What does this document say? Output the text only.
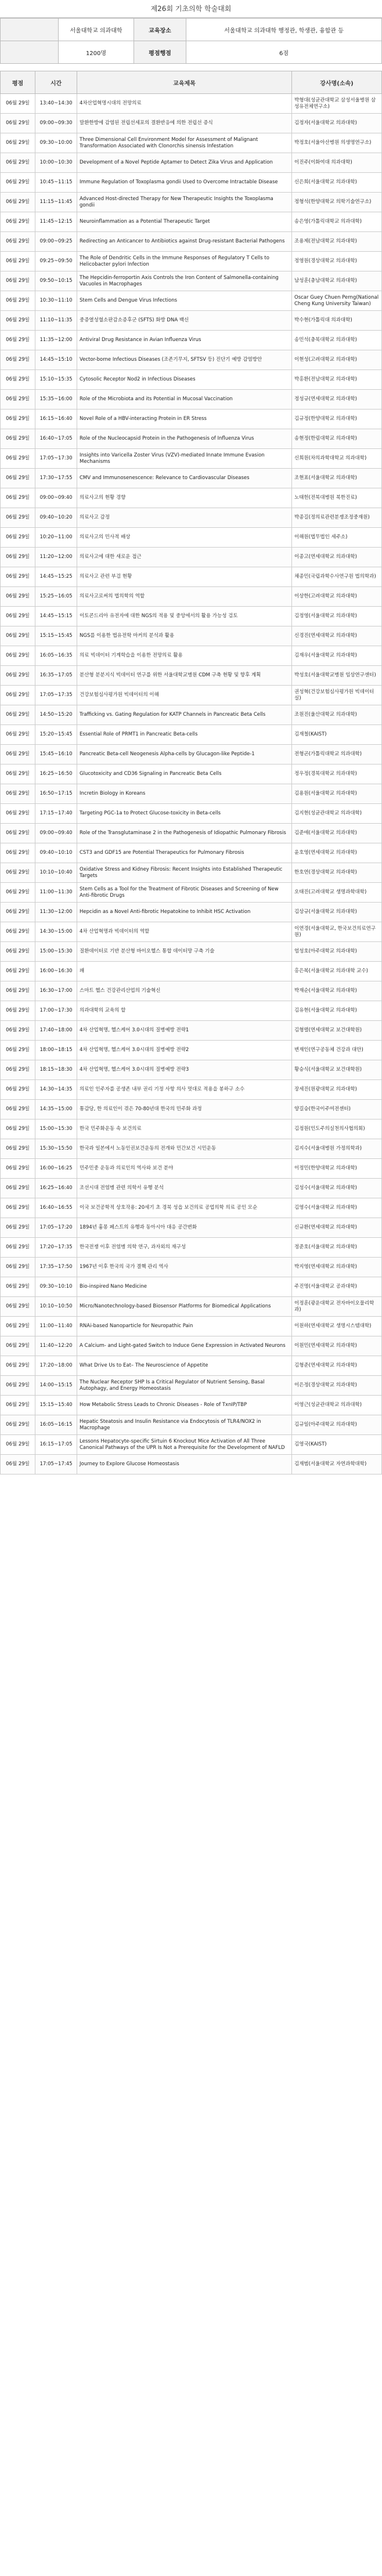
제26회 기초의학 학술대회
	서울대학교 의과대학	교육장소	서울대학교 의과대학 행정관, 학생관, 융합관 등
	1200명	평점행점	6점
평점	시간	교육제목	강사명(소속)
06월 29일	13:40~14:30	4차산업혁명시대의 전망의료	박형대(성균관대학교 삼성서울병원 삼성유전체연구소)
06월 29일	09:00~09:30	말환한방에 감염된 전립선세포의 결환반응에 의한 전립선 증식	김정자(서울대학교 의과대학)
06월 29일	09:30~10:00	Three Dimensional Cell Environment Model for Assessment of Malignant Transformation Associated with Clonorchis sinensis Infestation	박정호(서울아산병원 의생명연구소)
06월 29일	10:00~10:30	Development of a Novel Peptide Aptamer to Detect Zika Virus and Application	이진주(이화여대 의과대학)
06월 29일	10:45~11:15	Immune Regulation of Toxoplasma gondii Used to Overcome Intractable Disease	신은희(서울대학교 의과대학)
06월 29일	11:15~11:45	Advanced Host-directed Therapy for New Therapeutic Insights the Toxoplasma gondii	정형석(한양대학교 의학기술연구소)
06월 29일	11:45~12:15	Neuroinflammation as a Potential Therapeutic Target	송은영(가톨릭대학교 의과대학)
06월 29일	09:00~09:25	Redirecting an Anticancer to Antibiotics against Drug-resistant Bacterial Pathogens	조용제(전남대학교 의과대학)
06월 29일	09:25~09:50	The Role of Dendritic Cells in the Immune Responses of Regulatory T Cells to Helicobacter pylori Infection	정영원(경상대학교 의과대학)
06월 29일	09:50~10:15	The Hepcidin-ferroportin Axis Controls the Iron Content of Salmonella-containing Vacuoles in Macrophages	남성훈(충남대학교 의과대학)
06월 29일	10:30~11:10	Stem Cells and Dengue Virus Infections	Oscar Guey Chuen Perng(National Cheng Kung University Taiwan)
06월 29일	11:10~11:35	중증열성혈소판감소증후군 (SFTS) 화방 DNA 백신	박수현(가톨릭대 의과대학)
06월 29일	11:35~12:00	Antiviral Drug Resistance in Avian Influenza Virus	송민석(충북대학교 의과대학)
06월 29일	14:45~15:10	Vector-borne Infectious Diseases (조존기무지, SFTSV 등) 진단기 예방 감염방안	이현성(고려대학교 의과대학)
06월 29일	15:10~15:35	Cytosolic Receptor Nod2 in Infectious Diseases	박홍환(전남대학교 의과대학)
06월 29일	15:35~16:00	Role of the Microbiota and its Potential in Mucosal Vaccination	정성규(연세대학교 의과대학)
06월 29일	16:15~16:40	Novel Role of a HBV-interacting Protein in ER Stress	김규정(한양대학교 의과대학)
06월 29일	16:40~17:05	Role of the Nucleocapsid Protein in the Pathogenesis of Influenza Virus	송현정(한림대학교 의과대학)
06월 29일	17:05~17:30	Insights into Varicella Zoster Virus (VZV)-mediated Innate Immune Evasion Mechanisms	신희원(차의과학대학교 의과대학)
06월 29일	17:30~17:55	CMV and Immunosenescence: Relevance to Cardiovascular Diseases	조현표(서울대학교 의과대학)
06월 29일	09:00~09:40	의료사고의 현황 경향	노태헌(전북대병원 북한진료)
06월 29일	09:40~10:20	의료사고 감정	박종길(정의료관련분쟁조정중재원)
06월 29일	10:20~11:00	의료사고의 민사적 배상	이해원(법무법인 세주소)
06월 29일	11:20~12:00	의료사고에 대한 새로운 접근	이종고(연세대학교 의과대학)
06월 29일	14:45~15:25	의료사고 관련 부검 현황	채종민(국립과학수사연구원 법의학과)
06월 29일	15:25~16:05	의료사고로써의 법의학의 역할	이상한(고려대학교 의과대학)
06월 29일	14:45~15:15	이토콘드리아 유전자에 대한 NGS의 적용 및 중앙에서의 활용 가능성 검토	김정영(서울대학교 의과대학)
06월 29일	15:15~15:45	NGS를 이용한 법유전학 마커의 분석과 활용	신경진(연세대학교 의과대학)
06월 29일	16:05~16:35	의료 빅데이터 기계학습을 이용한 전망의료 활용	김재우(서울대학교 의과대학)
06월 29일	16:35~17:05	분산형 분분지식 빅데이터 연구를 위한 서울대학교병원 CDM 구축 현황 및 향후 계획	박성호(서울대학교병원 임상연구센터)
06월 29일	17:05~17:35	건강보험심사평가원 빅데이터의 이해	권성혁(건강보험심사평가원 빅데이터실)
06월 29일	14:50~15:20	Trafficking vs. Gating Regulation for KATP Channels in Pancreatic Beta Cells	조원진(울산대학교 의과대학)
06월 29일	15:20~15:45	Essential Role of PRMT1 in Pancreatic Beta-cells	김재철(KAIST)
06월 29일	15:45~16:10	Pancreatic Beta-cell Neogenesis Alpha-cells by Glucagon-like Peptide-1	전형곤(가톨릭대학교 의과대학)
06월 29일	16:25~16:50	Glucotoxicity and CD36 Signaling in Pancreatic Beta Cells	정우정(경북대학교 의과대학)
06월 29일	16:50~17:15	Incretin Biology in Koreans	김용원(서울대학교 의과대학)
06월 29일	17:15~17:40	Targeting PGC-1a to Protect Glucose-toxicity in Beta-cells	김지현(성균관대학교 의과대학)
06월 29일	09:00~09:40	Role of the Transglutaminase 2 in the Pathogenesis of Idiopathic Pulmonary Fibrosis	김준애(서울대학교 의과대학)
06월 29일	09:40~10:10	CST3 and GDF15 are Potential Therapeutics for Pulmonary Fibrosis	윤호영(연세대학교 의과대학)
06월 29일	10:10~10:40	Oxidative Stress and Kidney Fibrosis: Recent Insights into Established Therapeutic Targets	한호연(경상대학교 의과대학)
06월 29일	11:00~11:30	Stem Cells as a Tool for the Treatment of Fibrotic Diseases and Screening of New Anti-fibrotic Drugs	오태진(고려대학교 생명과학대학)
06월 29일	11:30~12:00	Hepcidin as a Novel Anti-fibrotic Hepatokine to Inhibit HSC Activation	김상규(서울대학교 의과대학)
06월 29일	14:30~15:00	4차 산업혁명과 빅데이터의 역할	이연경(서울대학교, 한국보건의료연구원)
06월 29일	15:00~15:30	질환데이터로 기반 분산형 바이오헬스 통합 데이터망 구축 기술	엄성호(아주대학교 의과대학)
06월 29일	16:00~16:30	패	홍은복(서울대학교 의과대학 교수)
06월 29일	16:30~17:00	스마트 헬스 건강관리산업의 기술혁신	박재순(서울대학교 의과대학)
06월 29일	17:00~17:30	의과대학의 교육의 할	김유현(서울대학교 의과대학)
06월 29일	17:40~18:00	4차 산업혁명, 헬스케어 3.0시대의 질병예방 전략1	김형렬(연세대학교 보건대학원)
06월 29일	18:00~18:15	4차 산업혁명, 헬스케어 3.0시대의 질병예방 전략2	변재인(연구공동체 건강과 대안)
06월 29일	18:15~18:30	4차 산업혁명, 헬스케어 3.0시대의 질병예방 전략3	황승식(서울대학교 보건대학원)
06월 29일	14:30~14:35	의료인 인주자를 공생존 내부 권리 기정 사항 의사 멋대로 적용을 봉하구 소수	장세진(원광대학교 의과대학)
06월 29일	14:35~15:00	통감당, 한 의료인이 겪은 70-80년대 한국의 민주화 과정	양길승(한국이주여전센터)
06월 29일	15:00~15:30	한국 민주화운동 속 보건의료	김정원(인도주의실천의사협의회)
06월 29일	15:30~15:50	한국과 일본에서 노동인권보건운동의 전개와 민간보건 시민운동	김지수(서울대병원 가정의학과)
06월 29일	16:00~16:25	민주민중 운동과 의료인의 역사와 보건 분야	이정민(한양대학교 의과대학)
06월 29일	16:25~16:40	조선시대 전염병 관련 의학서 유행 분석	김성수(서울대학교 의과대학)
06월 29일	16:40~16:55	이국 보건공학적 상호작용: 20세기 초 경북 성읍 보건의료 공업의학 의료 공인 모순	김영수(서울대학교 의과대학)
06월 29일	17:05~17:20	1894년 흉몽 페스트의 유행과 동아시아 대응 공간변화	신규환(연세대학교 의과대학)
06월 29일	17:20~17:35	한국전쟁 이후 전염병 의학 연구, 과자외의 재구성	정준호(서울대학교 의과대학)
06월 29일	17:35~17:50	1967년 이후 한국의 국가 결핵 관리 역사	박지영(연세대학교 의과대학)
06월 29일	09:30~10:10	Bio-inspired Nano Medicine	주진명(서울대학교 공과대학)
06월 29일	10:10~10:50	Micro/Nanotechnology-based Biosensor Platforms for Biomedical Applications	이정훈(광운대학교 전자바이오물리학과)
06월 29일	11:00~11:40	RNAi-based Nanoparticle for Neuropathic Pain	이원하(연세대학교 생명시스템대학)
06월 29일	11:40~12:20	A Calcium- and Light-gated Switch to Induce Gene Expression in Activated Neurons	이원민(연세대학교 의과대학)
06월 29일	17:20~18:00	What Drive Us to Eat– The Neuroscience of Appetite	김형준(연세대학교 의과대학)
06월 29일	14:00~15:15	The Nuclear Receptor SHP Is a Critical Regulator of Nutrient Sensing, Basal Autophagy, and Energy Homeostasis	이은정(경상대학교 의과대학)
06월 29일	15:15~15:40	How Metabolic Stress Leads to Chronic Diseases - Role of TxnIP/TBP	이영근(성균관대학교 의과대학)
06월 29일	16:05~16:15	Hepatic Steatosis and Insulin Resistance via Endocytosis of TLR4/NOX2 in Macrophage	김규일(아주대학교 의과대학)
06월 29일	16:15~17:05	Lessons Hepatocyte-specific Sirtuin 6 Knockout Mice Activation of All Three Canonical Pathways of the UPR Is Not a Prerequisite for the Development of NAFLD	김영국(KAIST)
06월 29일	17:05~17:45	Journey to Explore Glucose Homeostasis	김재범(서울대학교 자연과학대학)
